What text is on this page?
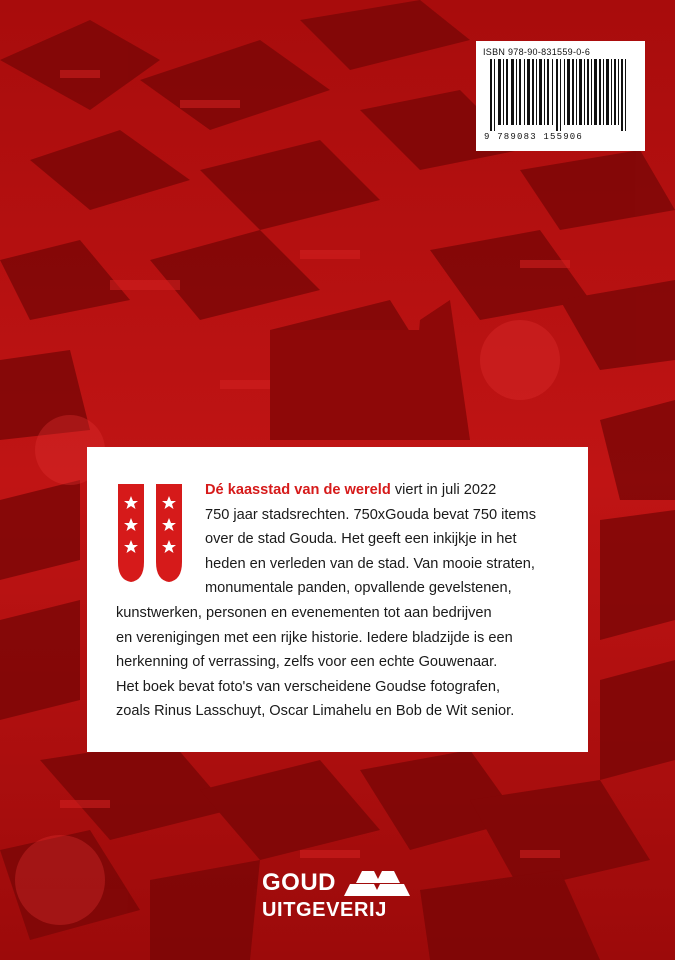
ISBN 978-90-831559-0-6
9 789083 155906
Dé kaasstad van de wereld viert in juli 2022
750 jaar stadsrechten. 750xGouda bevat 750 items
over de stad Gouda. Het geeft een inkijkje in het
heden en verleden van de stad. Van mooie straten,
monumentale panden, opvallende gevelstenen,
kunstwerken, personen en evenementen tot aan bedrijven
en verenigingen met een rijke historie. Iedere bladzijde is een
herkenning of verrassing, zelfs voor een echte Gouwenaar.
Het boek bevat foto's van verscheidene Goudse fotografen,
zoals Rinus Lasschuyt, Oscar Limahelu en Bob de Wit senior.
GOUD
UITGEVERIJ
